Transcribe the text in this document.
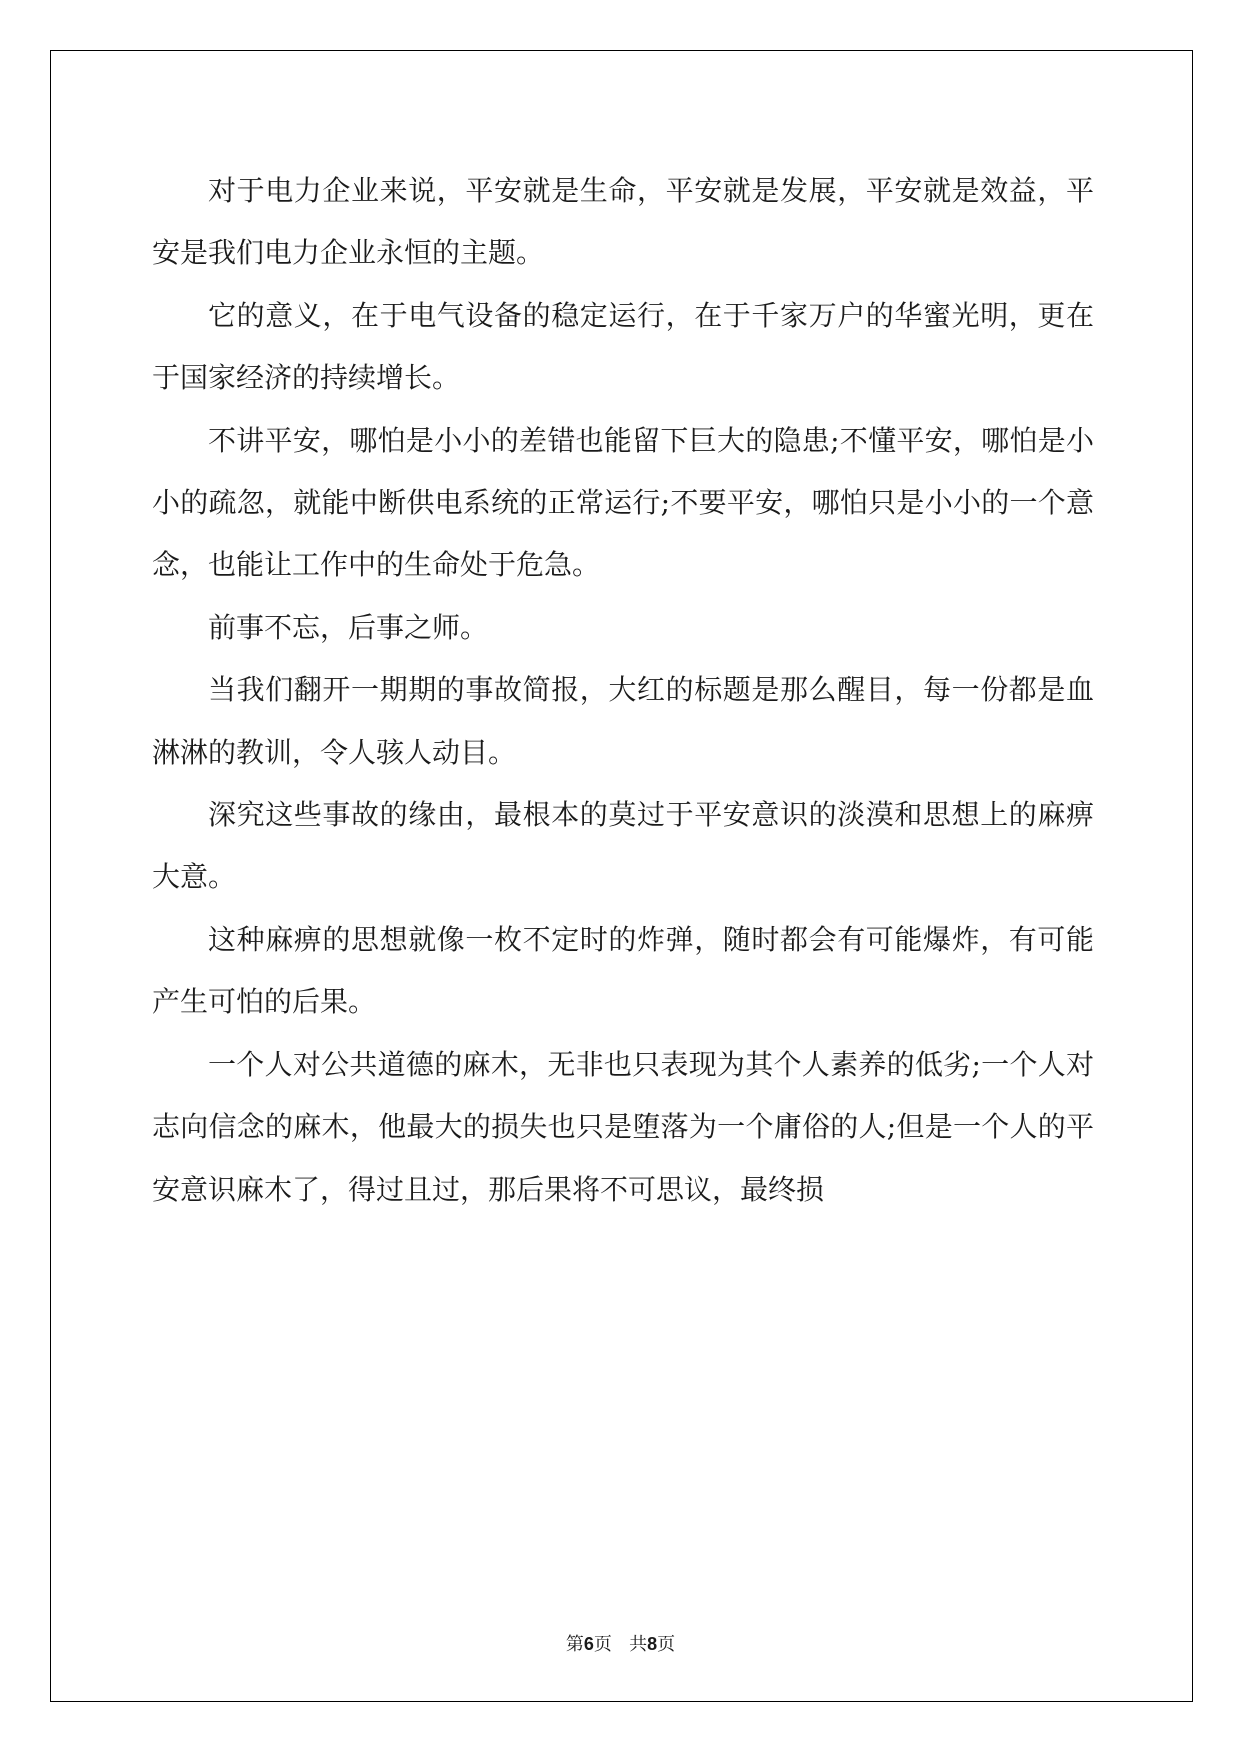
对于电力企业来说，平安就是生命，平安就是发展，平安就是效益，平安是我们电力企业永恒的主题。

它的意义，在于电气设备的稳定运行，在于千家万户的华蜜光明，更在于国家经济的持续增长。

不讲平安，哪怕是小小的差错也能留下巨大的隐患;不懂平安，哪怕是小小的疏忽，就能中断供电系统的正常运行;不要平安，哪怕只是小小的一个意念，也能让工作中的生命处于危急。

前事不忘，后事之师。

当我们翻开一期期的事故简报，大红的标题是那么醒目，每一份都是血淋淋的教训，令人骇人动目。

深究这些事故的缘由，最根本的莫过于平安意识的淡漠和思想上的麻痹大意。

这种麻痹的思想就像一枚不定时的炸弹，随时都会有可能爆炸，有可能产生可怕的后果。

一个人对公共道德的麻木，无非也只表现为其个人素养的低劣;一个人对志向信念的麻木，他最大的损失也只是堕落为一个庸俗的人;但是一个人的平安意识麻木了，得过且过，那后果将不可思议，最终损

第6页   共8页
